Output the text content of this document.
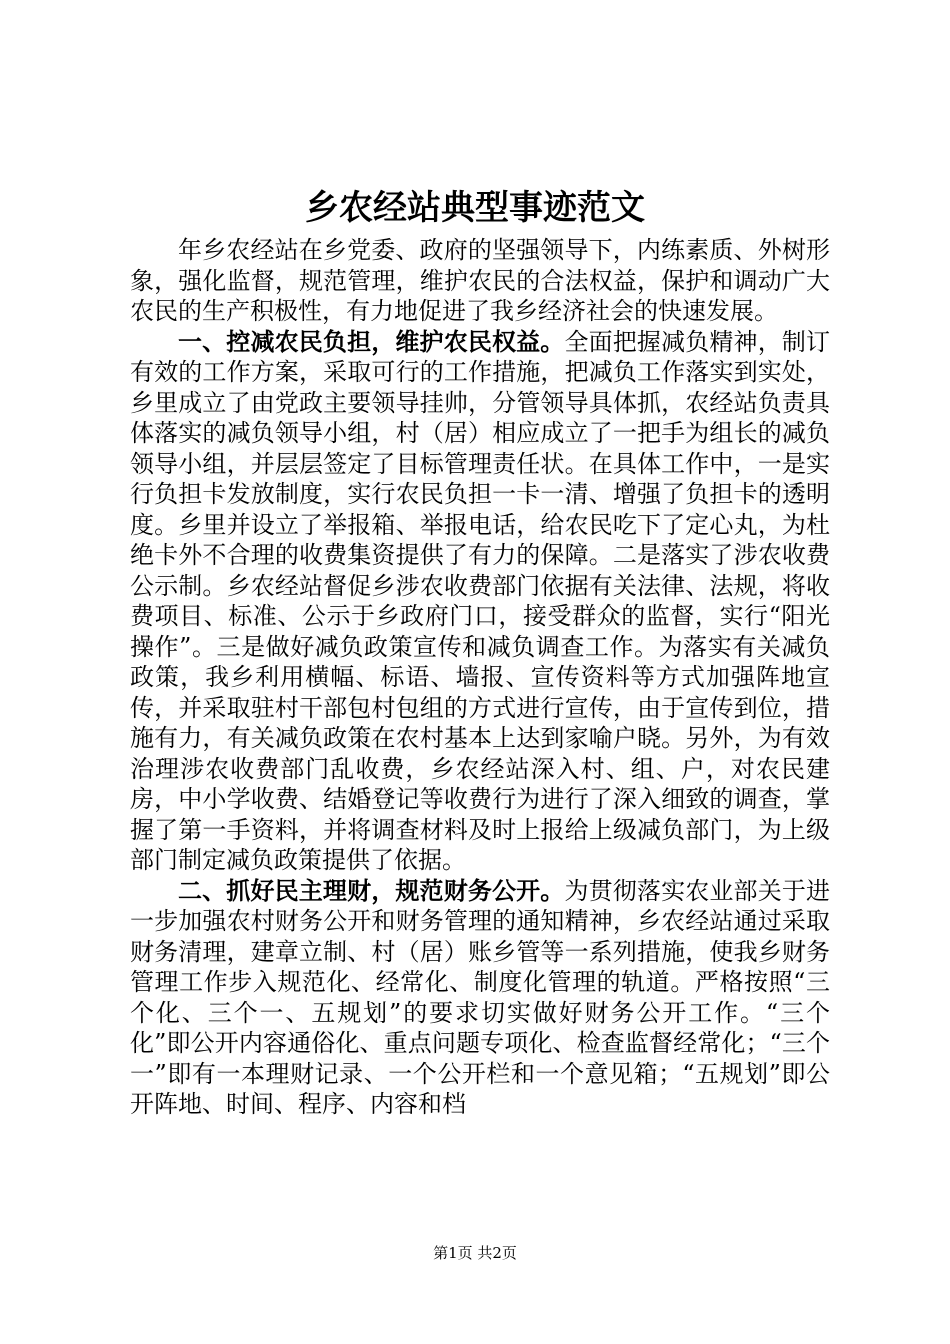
乡农经站典型事迹范文

年乡农经站在乡党委、政府的坚强领导下，内练素质、外树形象，强化监督，规范管理，维护农民的合法权益，保护和调动广大农民的生产积极性，有力地促进了我乡经济社会的快速发展。

一、控减农民负担，维护农民权益。全面把握减负精神，制订有效的工作方案，采取可行的工作措施，把减负工作落实到实处，乡里成立了由党政主要领导挂帅，分管领导具体抓，农经站负责具体落实的减负领导小组，村（居）相应成立了一把手为组长的减负领导小组，并层层签定了目标管理责任状。在具体工作中，一是实行负担卡发放制度，实行农民负担一卡一清、增强了负担卡的透明度。乡里并设立了举报箱、举报电话，给农民吃下了定心丸，为杜绝卡外不合理的收费集资提供了有力的保障。二是落实了涉农收费公示制。乡农经站督促乡涉农收费部门依据有关法律、法规，将收费项目、标准、公示于乡政府门口，接受群众的监督，实行“阳光操作”。三是做好减负政策宣传和减负调查工作。为落实有关减负政策，我乡利用横幅、标语、墙报、宣传资料等方式加强阵地宣传，并采取驻村干部包村包组的方式进行宣传，由于宣传到位，措施有力，有关减负政策在农村基本上达到家喻户晓。另外，为有效治理涉农收费部门乱收费，乡农经站深入村、组、户，对农民建房，中小学收费、结婚登记等收费行为进行了深入细致的调查，掌握了第一手资料，并将调查材料及时上报给上级减负部门，为上级部门制定减负政策提供了依据。

二、抓好民主理财，规范财务公开。为贯彻落实农业部关于进一步加强农村财务公开和财务管理的通知精神，乡农经站通过采取财务清理，建章立制、村（居）账乡管等一系列措施，使我乡财务管理工作步入规范化、经常化、制度化管理的轨道。严格按照“三个化、三个一、五规划”的要求切实做好财务公开工作。“三个化”即公开内容通俗化、重点问题专项化、检查监督经常化；“三个一”即有一本理财记录、一个公开栏和一个意见箱；“五规划”即公开阵地、时间、程序、内容和档

第1页 共2页
